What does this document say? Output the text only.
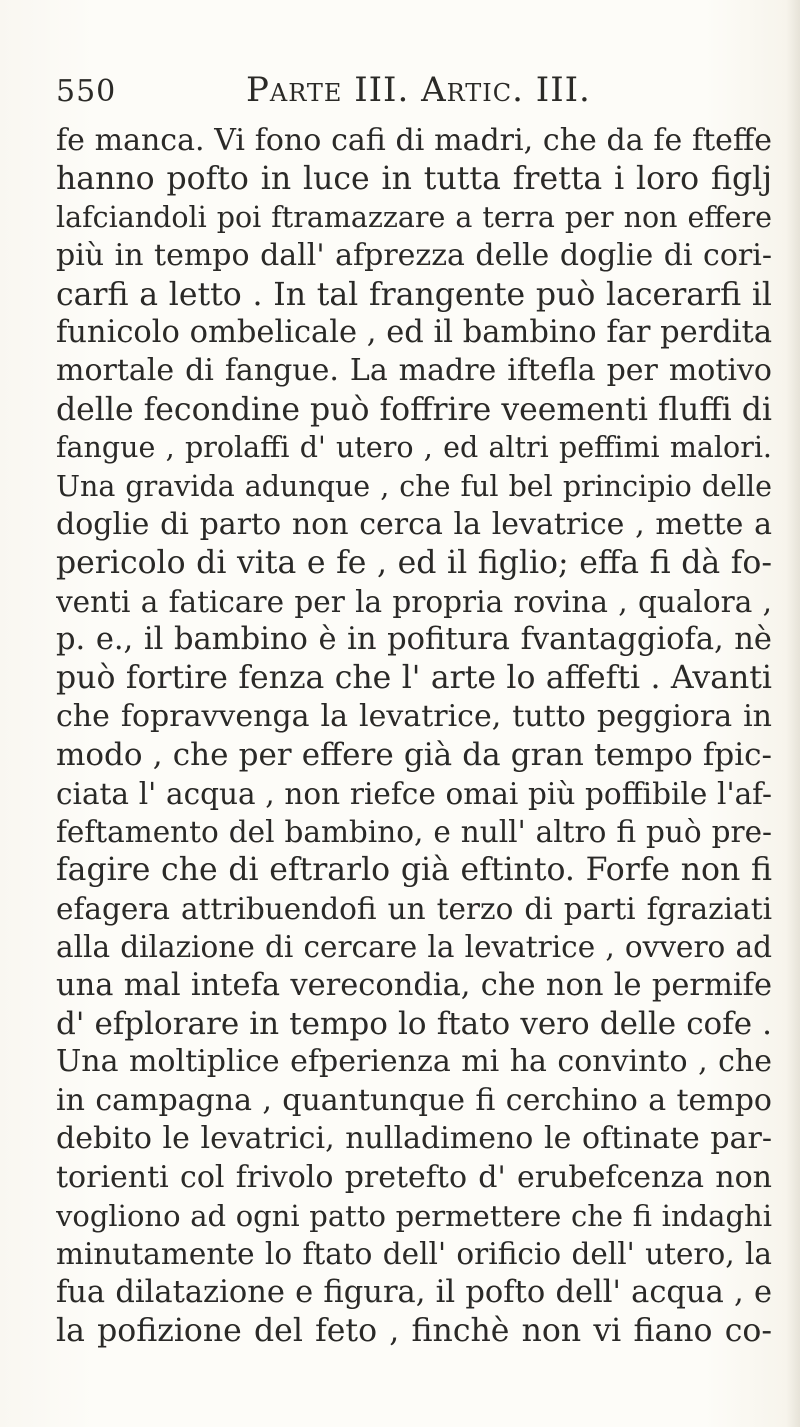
550	Parte III. Artic. III.
fe manca. Vi fono cafi di madri, che da fe fteffe
hanno pofto in luce in tutta fretta i loro figlj
lafciandoli poi ftramazzare a terra per non effere
più in tempo dall' afprezza delle doglie di cori-
carfi a letto . In tal frangente può lacerarfi il
funicolo ombelicale , ed il bambino far perdita
mortale di fangue. La madre iftefla per motivo
delle fecondine può foffrire veementi fluffi di
fangue , prolaffi d' utero , ed altri peffimi malori.
Una gravida adunque , che ful bel principio delle
doglie di parto non cerca la levatrice , mette a
pericolo di vita e fe , ed il figlio; effa fi dà fo-
venti a faticare per la propria rovina , qualora ,
p. e., il bambino è in pofitura fvantaggiofa, nè
può fortire fenza che l' arte lo affefti . Avanti
che fopravvenga la levatrice, tutto peggiora in
modo , che per effere già da gran tempo fpic-
ciata l' acqua , non riefce omai più poffibile l'af-
feftamento del bambino, e null' altro fi può pre-
fagire che di eftrarlo già eftinto. Forfe non fi
efagera attribuendofi un terzo di parti fgraziati
alla dilazione di cercare la levatrice , ovvero ad
una mal intefa verecondia, che non le permife
d' efplorare in tempo lo ftato vero delle cofe .
Una moltiplice efperienza mi ha convinto , che
in campagna , quantunque fi cerchino a tempo
debito le levatrici, nulladimeno le oftinate par-
torienti col frivolo pretefto d' erubefcenza non
vogliono ad ogni patto permettere che fi indaghi
minutamente lo ftato dell' orificio dell' utero, la
fua dilatazione e figura, il pofto dell' acqua , e
la pofizione del feto , finchè non vi fiano co-
